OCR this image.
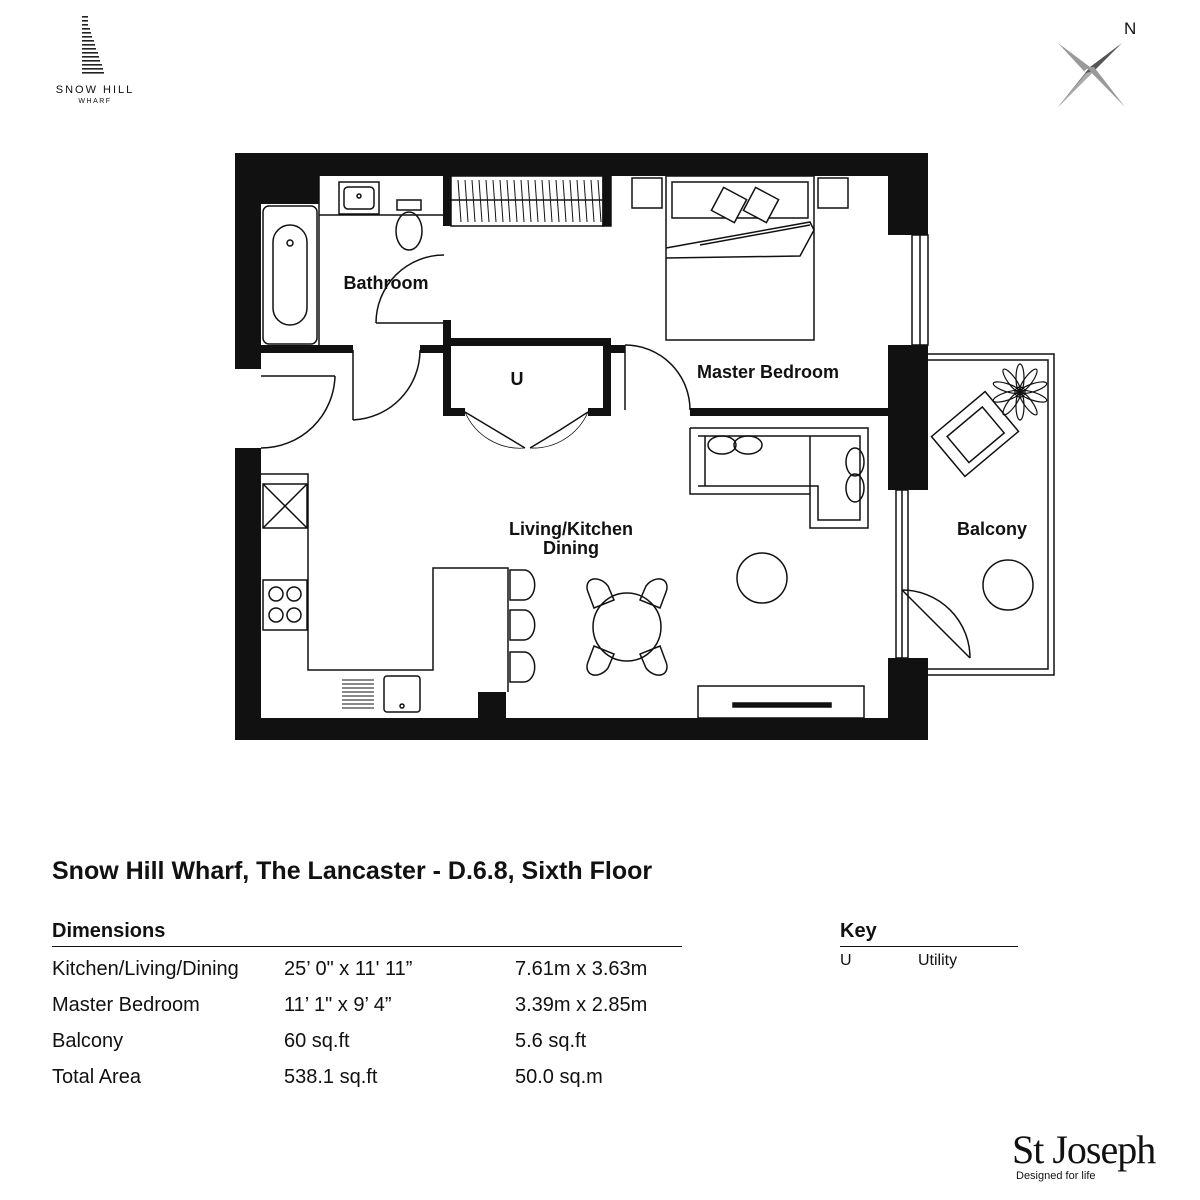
SNOW HILL
WHARF
N
Bathroom
U	Master Bedroom
Living/Kitchen
Dining
Balcony
Snow Hill Wharf, The Lancaster - D.6.8, Sixth Floor
Dimensions
Kitchen/Living/Dining	25’ 0" x 11' 11”	7.61m x 3.63m
Master Bedroom	11’ 1" x 9’ 4”	3.39m x 2.85m
Balcony	60 sq.ft	5.6 sq.ft
Total Area	538.1 sq.ft	50.0 sq.m
Key
U	Utility
St Joseph
Designed for life
